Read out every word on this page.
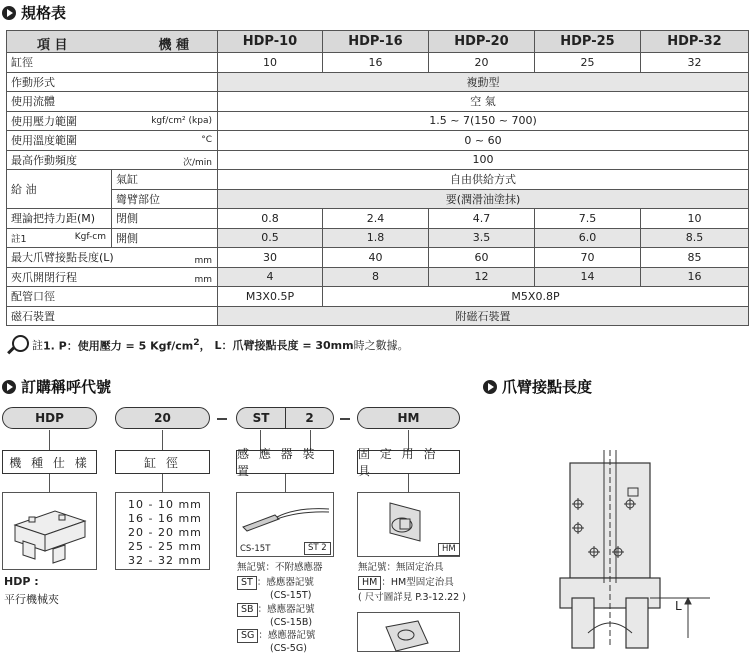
規格表
項 目 機 種		HDP-10	HDP-16	HDP-20	HDP-25	HDP-32
缸徑		10	16	20	25	32
作動形式		複動型				
使用流體		空 氣				
使用壓力範圍 kgf/cm² (kpa)		1.5 ~ 7(150 ~ 700)				
使用溫度範圍 °C		0 ~ 60				
最高作動頻度 次/min		100				
給 油	氣缸	自由供給方式				
	彎臂部位	要(潤滑油塗抹)				
理論把持力距(M)	閉側	0.8	2.4	4.7	7.5	10
註1 Kgf-cm	開側	0.5	1.8	3.5	6.0	8.5
最大爪臂接點長度(L) mm		30	40	60	70	85
夾爪開閉行程 mm		4	8	12	14	16
配管口徑		M3X0.5P	M5X0.8P			
磁石裝置		附磁石裝置				
註 1. P：使用壓力 = 5 Kgf/$cm^2$ ， L：爪臂接點長度 = 30mm 時之數據。
訂購稱呼代號	爪臂接點長度
HDP	20	ST	2	HM
機 種 仕 樣	缸 徑
感 應 器 裝 置
固 定 用 治 具
HDP :
平行機械夾
10 - 10 mm
16 - 16 mm
20 - 20 mm
25 - 25 mm
32 - 32 mm
CS-15T	ST 2	HM
無記號：不附感應器
ST ：感應器記號
(CS-15T)
SB ：感應器記號
(CS-15B)
SG ：感應器記號
(CS-5G)
無記號：無固定治具
HM ：HM型固定治具
( 尺寸圖詳見 P.3-12.22 )
L
